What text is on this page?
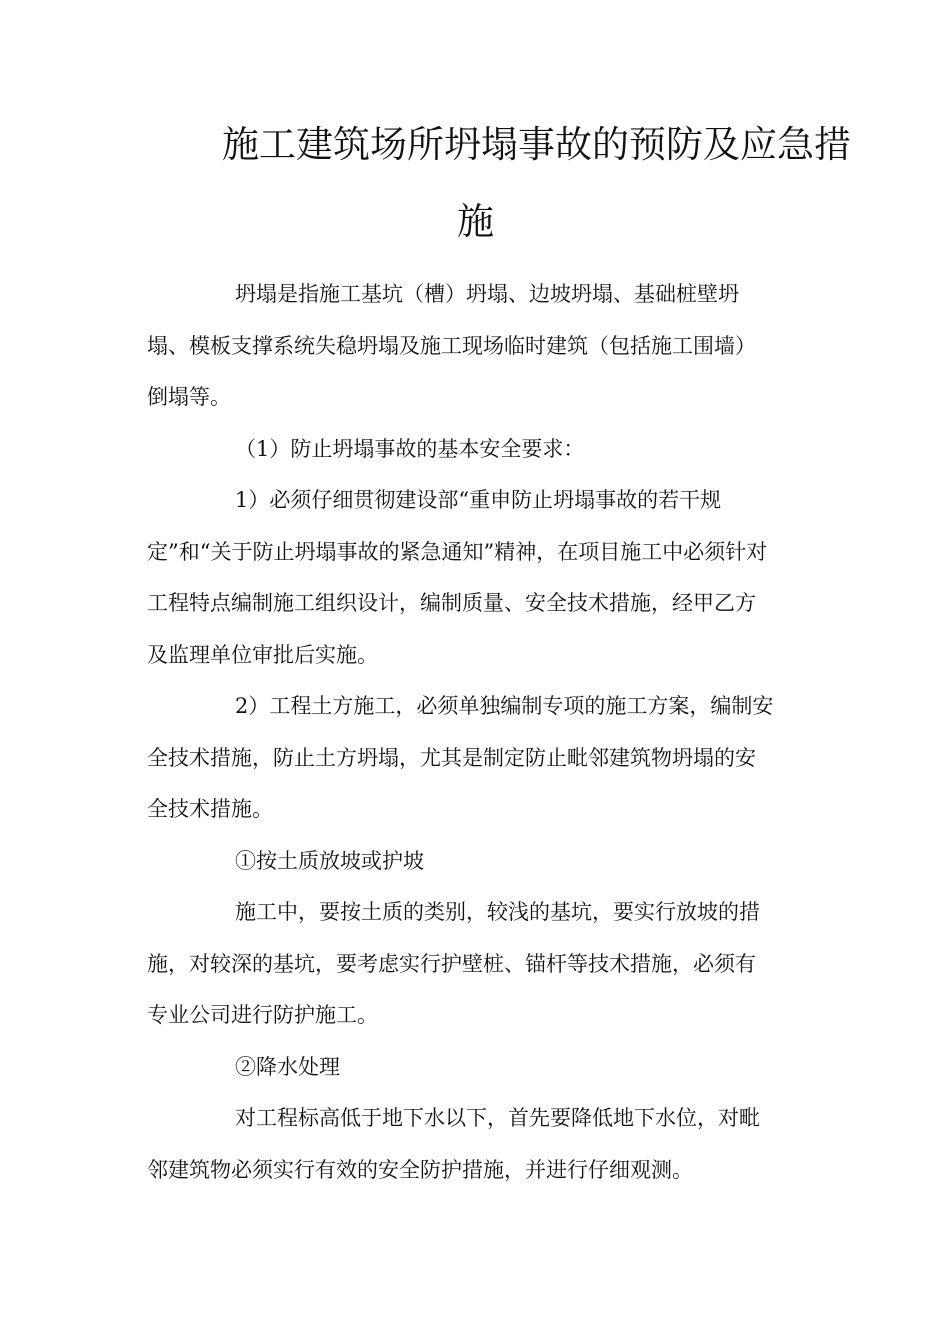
施工建筑场所坍塌事故的预防及应急措
施
坍塌是指施工基坑（槽）坍塌、边坡坍塌、基础桩壁坍
塌、模板支撑系统失稳坍塌及施工现场临时建筑（包括施工围墙）
倒塌等。
（1）防止坍塌事故的基本安全要求：
1）必须仔细贯彻建设部“重申防止坍塌事故的若干规
定”和“关于防止坍塌事故的紧急通知”精神，在项目施工中必须针对
工程特点编制施工组织设计，编制质量、安全技术措施，经甲乙方
及监理单位审批后实施。
2）工程土方施工，必须单独编制专项的施工方案，编制安
全技术措施，防止土方坍塌，尤其是制定防止毗邻建筑物坍塌的安
全技术措施。
①按土质放坡或护坡
施工中，要按土质的类别，较浅的基坑，要实行放坡的措
施，对较深的基坑，要考虑实行护壁桩、锚杆等技术措施，必须有
专业公司进行防护施工。
②降水处理
对工程标高低于地下水以下，首先要降低地下水位，对毗
邻建筑物必须实行有效的安全防护措施，并进行仔细观测。
